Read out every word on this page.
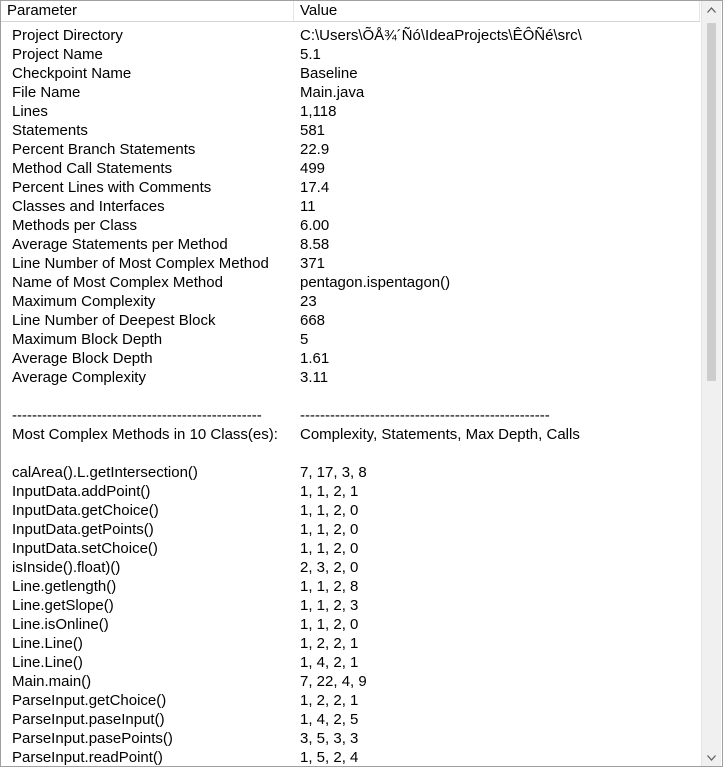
Parameter	Value
Project Directory	C:\Users\ÕÅ¾´Ñó\IdeaProjects\ÊÔÑé\src\
Project Name	5.1
Checkpoint Name	Baseline
File Name	Main.java
Lines	1,118
Statements	581
Percent Branch Statements	22.9
Method Call Statements	499
Percent Lines with Comments	17.4
Classes and Interfaces	11
Methods per Class	6.00
Average Statements per Method	8.58
Line Number of Most Complex Method	371
Name of Most Complex Method	pentagon.ispentagon()
Maximum Complexity	23
Line Number of Deepest Block	668
Maximum Block Depth	5
Average Block Depth	1.61
Average Complexity	3.11
--------------------------------------------------	--------------------------------------------------
Most Complex Methods in 10 Class(es):	Complexity, Statements, Max Depth, Calls
calArea().L.getIntersection()	7, 17, 3, 8
InputData.addPoint()	1, 1, 2, 1
InputData.getChoice()	1, 1, 2, 0
InputData.getPoints()	1, 1, 2, 0
InputData.setChoice()	1, 1, 2, 0
isInside().float)()	2, 3, 2, 0
Line.getlength()	1, 1, 2, 8
Line.getSlope()	1, 1, 2, 3
Line.isOnline()	1, 1, 2, 0
Line.Line()	1, 2, 2, 1
Line.Line()	1, 4, 2, 1
Main.main()	7, 22, 4, 9
ParseInput.getChoice()	1, 2, 2, 1
ParseInput.paseInput()	1, 4, 2, 5
ParseInput.pasePoints()	3, 5, 3, 3
ParseInput.readPoint()	1, 5, 2, 4
